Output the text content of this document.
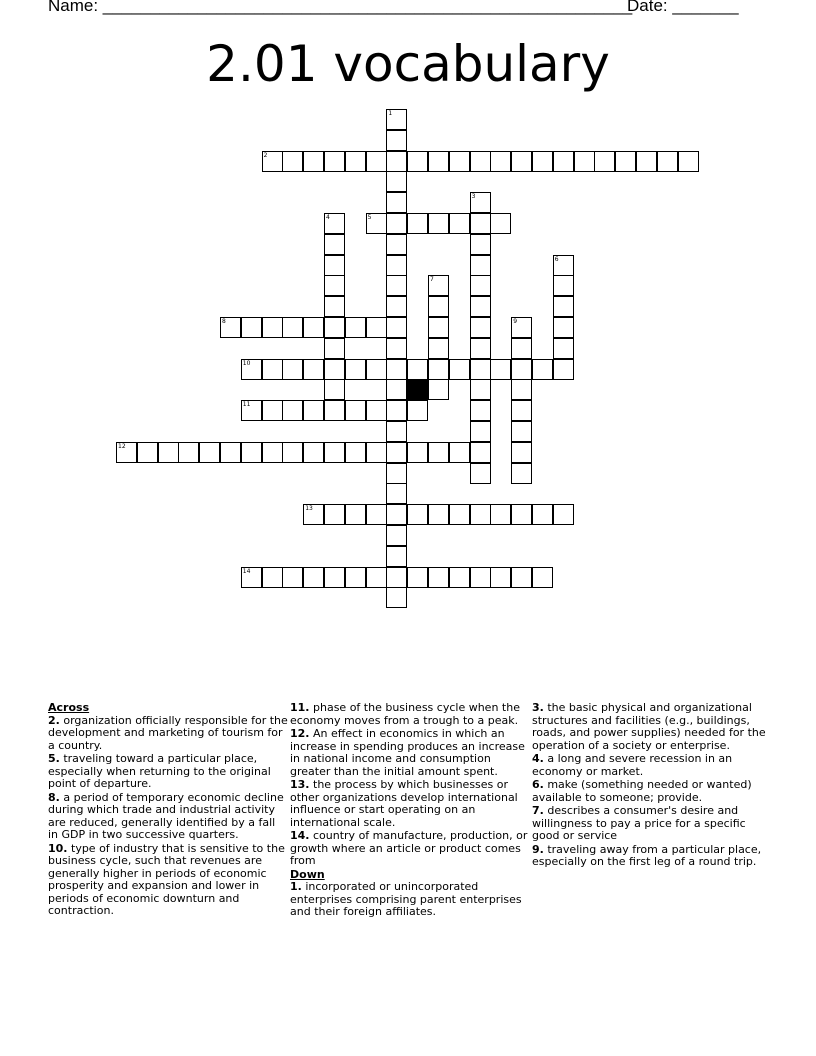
Name: ________________________________________________________
Date: _______
2.01 vocabulary
1
2
3
4	5
6
7
8	9
10
11
12
13
14
Across
2. organization officially responsible for the development and marketing of tourism for a country.
5. traveling toward a particular place, especially when returning to the original point of departure.
8. a period of temporary economic decline during which trade and industrial activity are reduced, generally identified by a fall in GDP in two successive quarters.
10. type of industry that is sensitive to the business cycle, such that revenues are generally higher in periods of economic prosperity and expansion and lower in periods of economic downturn and contraction.
11. phase of the business cycle when the economy moves from a trough to a peak.
12. An effect in economics in which an increase in spending produces an increase in national income and consumption greater than the initial amount spent.
13. the process by which businesses or other organizations develop international influence or start operating on an international scale.
14. country of manufacture, production, or growth where an article or product comes from
Down
1. incorporated or unincorporated enterprises comprising parent enterprises and their foreign affiliates.
3. the basic physical and organizational structures and facilities (e.g., buildings, roads, and power supplies) needed for the operation of a society or enterprise.
4. a long and severe recession in an economy or market.
6. make (something needed or wanted) available to someone; provide.
7. describes a consumer's desire and willingness to pay a price for a specific good or service
9. traveling away from a particular place, especially on the first leg of a round trip.
